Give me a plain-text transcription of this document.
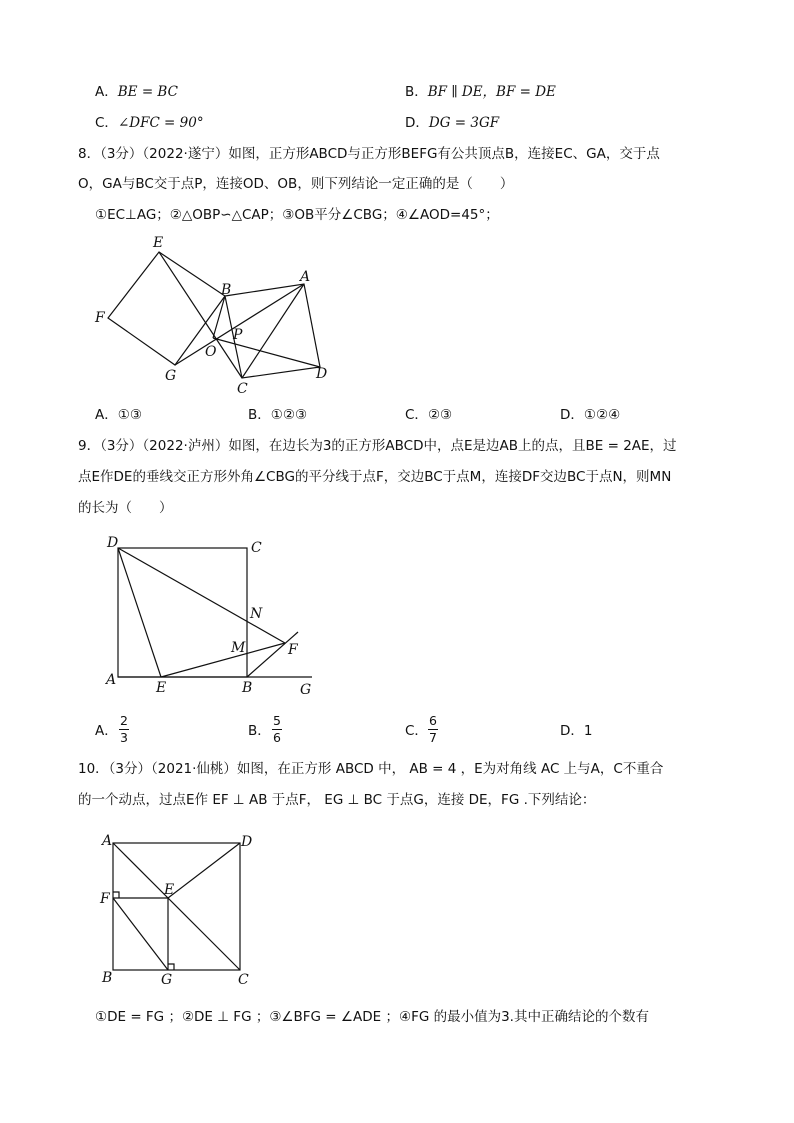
A．BE = BC	B．BF ∥ DE，BF = DE
C．∠DFC = 90°	D．DG = 3GF
8．（3分）（2022·遂宁）如图，正方形ABCD与正方形BEFG有公共顶点B，连接EC、GA，交于点
O，GA与BC交于点P，连接OD、OB，则下列结论一定正确的是（　　）
①EC⊥AG；②△OBP∽△CAP；③OB平分∠CBG；④∠AOD=45°；
E
B
A
F
O
P
G
C
D
A．①③	B．①②③	C．②③	D．①②④
9．（3分）（2022·泸州）如图，在边长为3的正方形ABCD中，点E是边AB上的点，且BE = 2AE，过
点E作DE的垂线交正方形外角∠CBG的平分线于点F，交边BC于点M，连接DF交边BC于点N，则MN
的长为（　　）
D	C
N
M	F
A	E	B	G
A．
2
3	B．
5
6	C．
6
7	D．1
10．（3分）（2021·仙桃）如图，在正方形 ABCD 中， AB = 4 ，E为对角线 AC 上与A，C不重合
的一个动点，过点E作 EF ⊥ AB 于点F， EG ⊥ BC 于点G，连接 DE，FG .下列结论：
A	D
F
E
B	G	C
①DE = FG ；②DE ⊥ FG ；③∠BFG = ∠ADE ；④FG 的最小值为3.其中正确结论的个数有
